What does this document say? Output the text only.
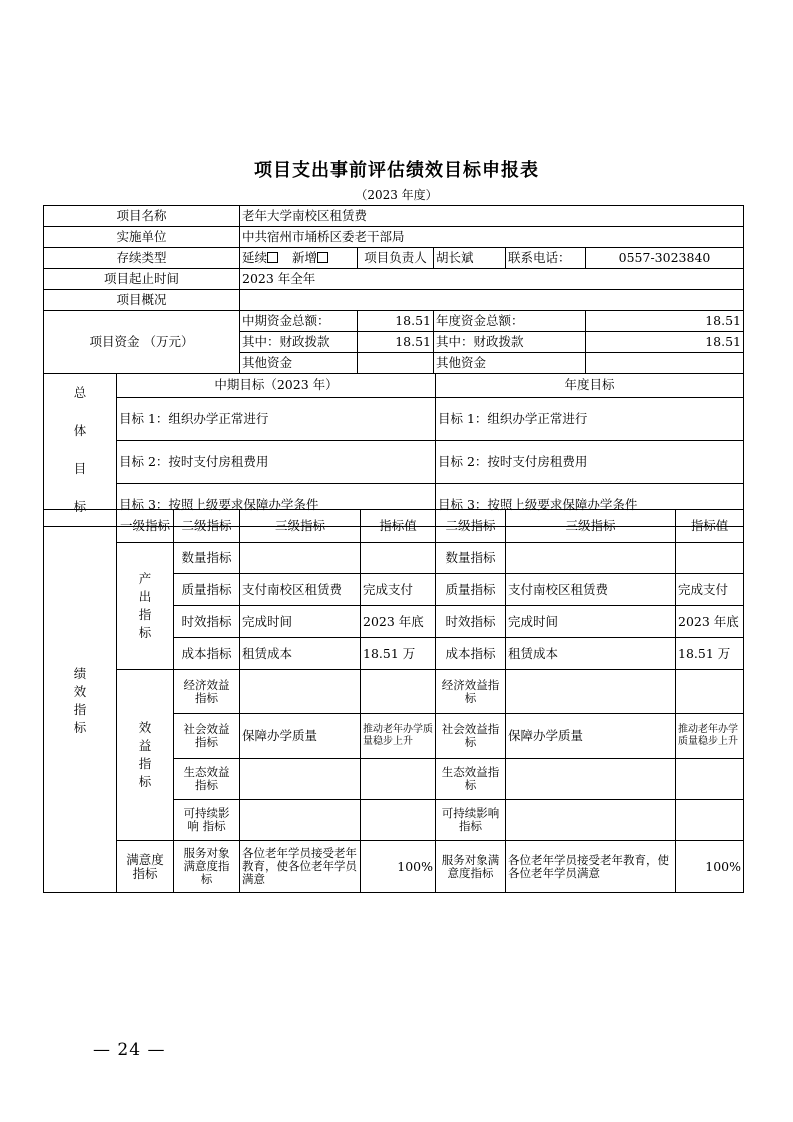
项目支出事前评估绩效目标申报表
（2023 年度）
项目名称	老年大学南校区租赁费				
实施单位	中共宿州市埇桥区委老干部局				
存续类型	延续 新增	项目负责人	胡长斌	联系电话：	0557-3023840
项目起止时间	2023 年全年				
项目概况					
项目资金 （万元）	中期资金总额：	18.51	年度资金总额：		18.51
	其中：财政拨款	18.51	其中：财政拨款		18.51
	其他资金		其他资金		
总
体
目
标	中期目标（2023 年）	年度目标
	目标 1：组织办学正常进行	目标 1：组织办学正常进行
	目标 2：按时支付房租费用	目标 2：按时支付房租费用
	目标 3：按照上级要求保障办学条件	目标 3：按照上级要求保障办学条件
绩效指标	一级指标	二级指标	三级指标	指标值	二级指标	三级指标	指标值

	产出指标	数量指标			数量指标		
		质量指标	支付南校区租赁费	完成支付	质量指标	支付南校区租赁费	完成支付
		时效指标	完成时间	2023 年底	时效指标	完成时间	2023 年底
		成本指标	租赁成本	18.51 万	成本指标	租赁成本	18.51 万

	效益指标	经济效益指标			经济效益指标		
		社会效益指标	保障办学质量	推动老年办学质量稳步上升	社会效益指标	保障办学质量	推动老年办学质量稳步上升
		生态效益指标			生态效益指标		
		可持续影响 指标			可持续影响指标		
	满意度指标	服务对象满意度指标	各位老年学员接受老年教育，使各位老年学员满意	100%	服务对象满意度指标	各位老年学员接受老年教育，使各位老年学员满意	100%
— 24 —
